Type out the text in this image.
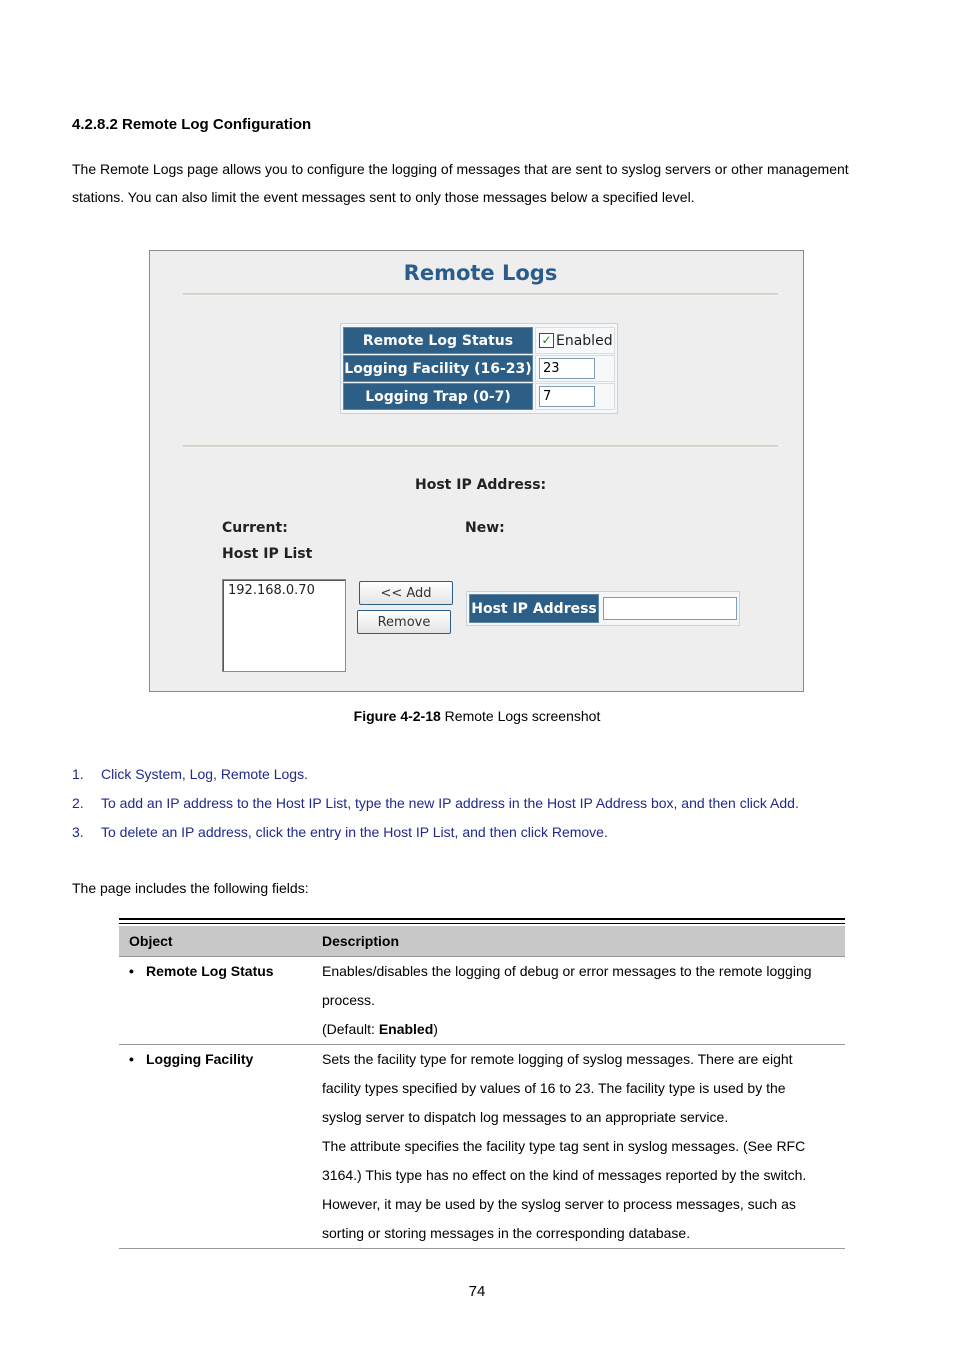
4.2.8.2 Remote Log Configuration
The Remote Logs page allows you to configure the logging of messages that are sent to syslog servers or other management stations. You can also limit the event messages sent to only those messages below a specified level.
Remote Logs
Remote Log Status	✓ Enabled
Logging Facility (16-23) 23
Logging Trap (0-7)	7
Host IP Address:
Current:	New:
Host IP List
192.168.0.70	<< Add
Remove
Host IP Address
Figure 4-2-18 Remote Logs screenshot
1.	Click System, Log, Remote Logs.
2.	To add an IP address to the Host IP List, type the new IP address in the Host IP Address box, and then click Add.
3.	To delete an IP address, click the entry in the Host IP List, and then click Remove.
The page includes the following fields:
Object	Description
• Remote Log Status	Enables/disables the logging of debug or error messages to the remote logging
process.
(Default: Enabled)
• Logging Facility	Sets the facility type for remote logging of syslog messages. There are eight
facility types specified by values of 16 to 23. The facility type is used by the
syslog server to dispatch log messages to an appropriate service.
The attribute specifies the facility type tag sent in syslog messages. (See RFC
3164.) This type has no effect on the kind of messages reported by the switch.
However, it may be used by the syslog server to process messages, such as
sorting or storing messages in the corresponding database.
74
